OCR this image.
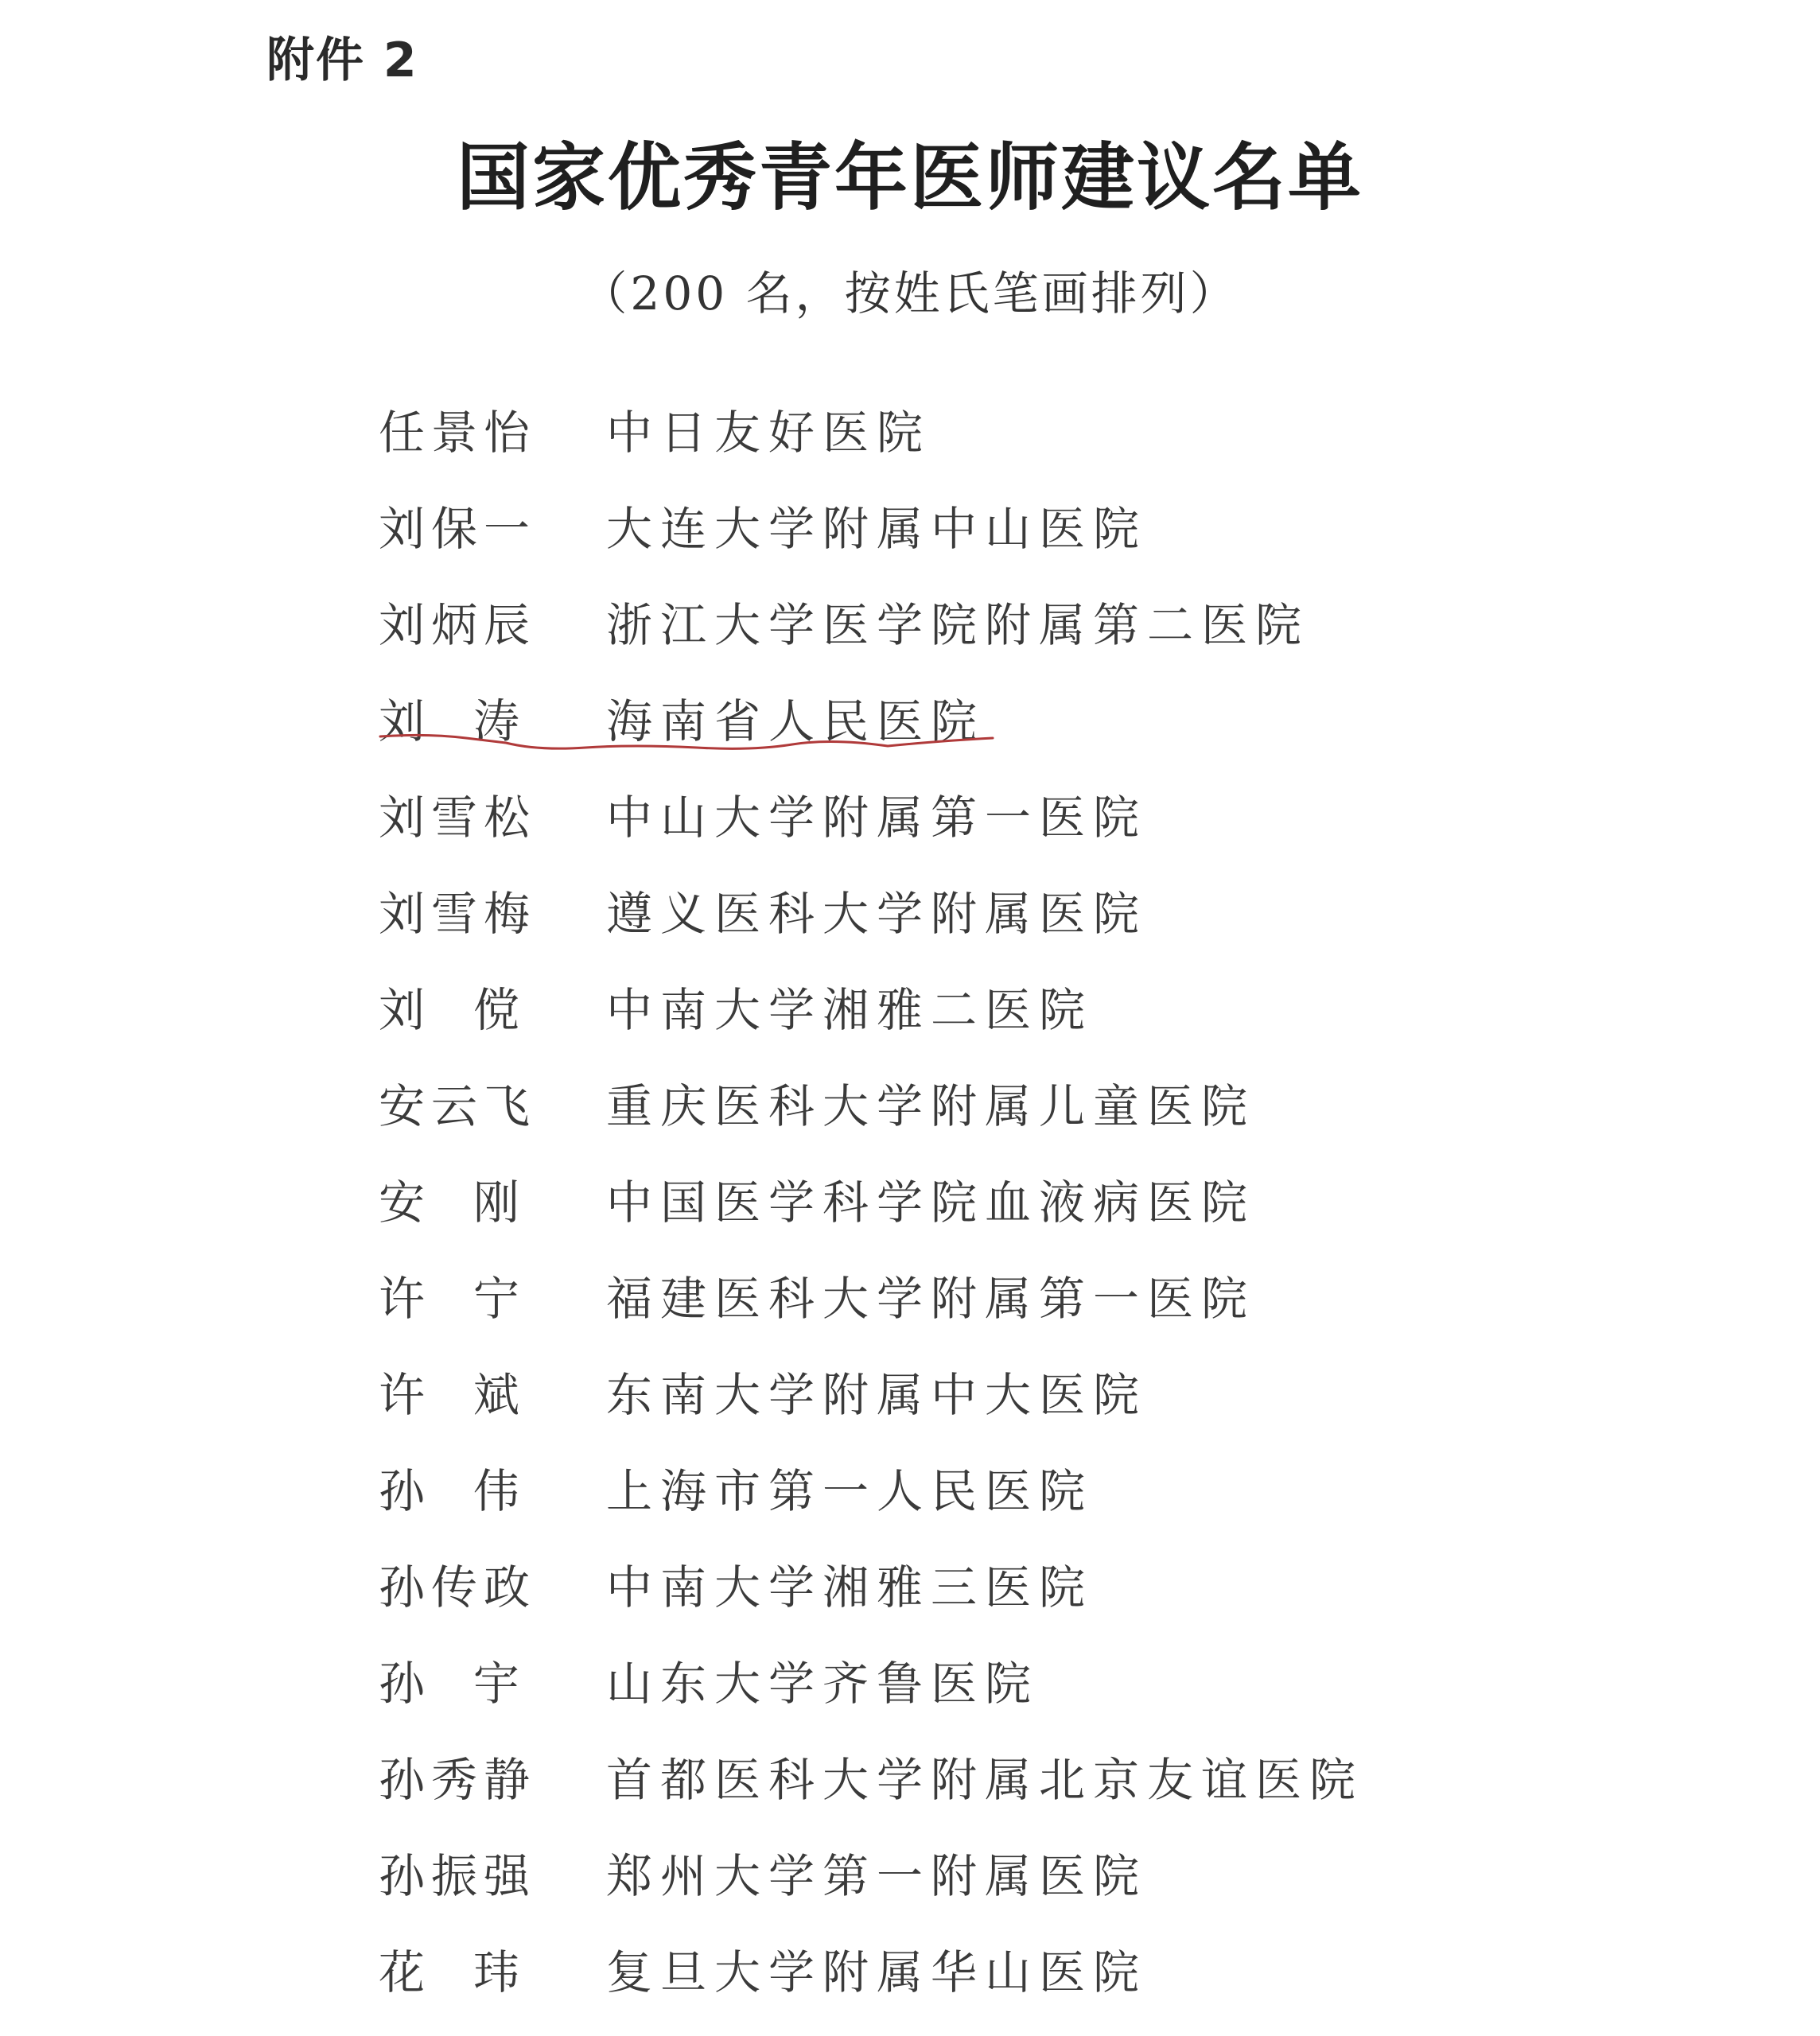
附件 2
国家优秀青年医师建议名单
（200 名，按姓氏笔画排列）
任景怡	中日友好医院
刘保一	大连大学附属中山医院
刘炳辰	浙江大学医学院附属第二医院
刘  涛	海南省人民医院
刘雪松	中山大学附属第一医院
刘雪梅	遵义医科大学附属医院
刘  傥	中南大学湘雅二医院
安云飞	重庆医科大学附属儿童医院
安  刚	中国医学科学院血液病医院
许  宁	福建医科大学附属第一医院
许  斌	东南大学附属中大医院
孙  伟	上海市第一人民医院
孙传政	中南大学湘雅三医院
孙  宇	山东大学齐鲁医院
孙秀静	首都医科大学附属北京友谊医院
孙振强	郑州大学第一附属医院
花  玮	复旦大学附属华山医院
